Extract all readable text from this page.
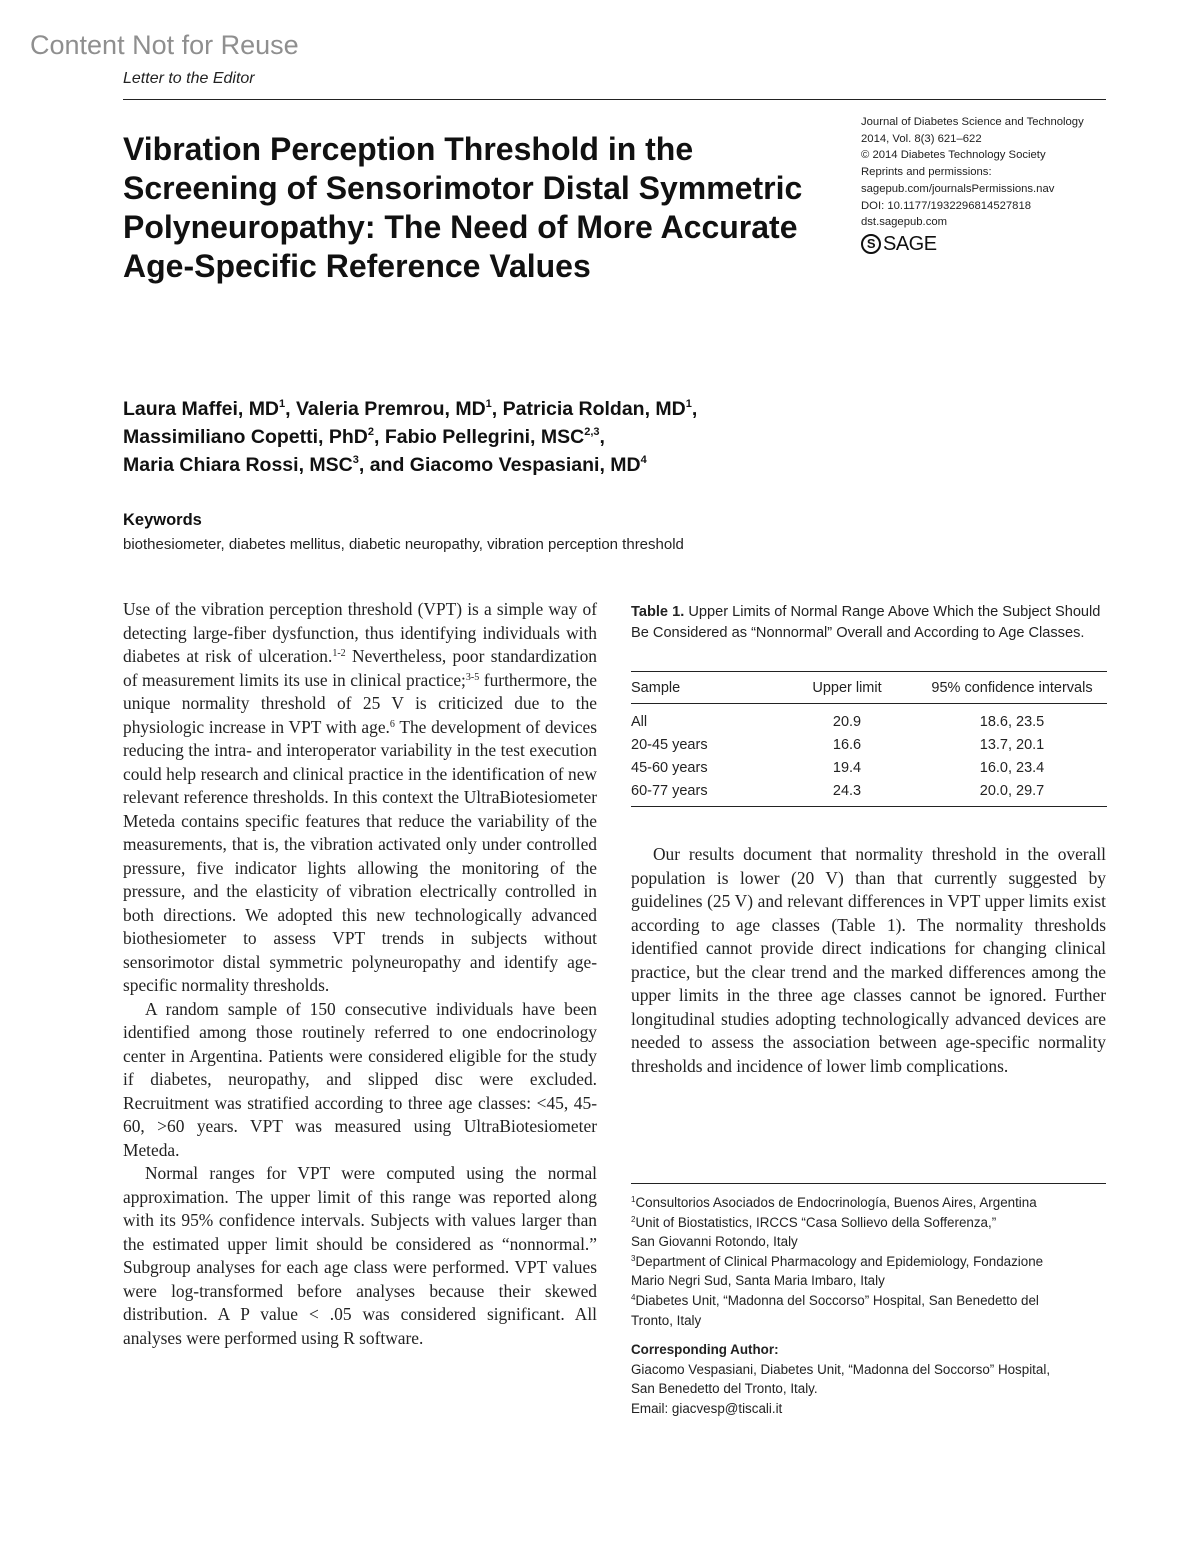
Content Not for Reuse
Letter to the Editor
Vibration Perception Threshold in the Screening of Sensorimotor Distal Symmetric Polyneuropathy: The Need of More Accurate Age-Specific Reference Values
Journal of Diabetes Science and Technology
2014, Vol. 8(3) 621–622
© 2014 Diabetes Technology Society
Reprints and permissions:
sagepub.com/journalsPermissions.nav
DOI: 10.1177/1932296814527818
dst.sagepub.com
S SAGE
Laura Maffei, $MD^1$, Valeria Premrou, $MD^1$, Patricia Roldan, $MD^1$,
Massimiliano Copetti, PhD$^2$, Fabio Pellegrini, MSC$^{2,3}$,
Maria Chiara Rossi, MSC$^3$, and Giacomo Vespasiani, $MD^4$
Keywords
biothesiometer, diabetes mellitus, diabetic neuropathy, vibration perception threshold

Use of the vibration perception threshold (VPT) is a simple way of detecting large-fiber dysfunction, thus identifying individuals with diabetes at risk of ulceration.$^{1-2}$ Nevertheless, poor standardization of measurement limits its use in clinical practice;$^{3-5}$ furthermore, the unique normality threshold of 25 V is criticized due to the physiologic increase in VPT with age.$^6$ The development of devices reducing the intra- and interoperator variability in the test execution could help research and clinical practice in the identification of new relevant reference thresholds. In this context the UltraBiotesiometer Meteda contains specific features that reduce the variability of the measurements, that is, the vibration activated only under controlled pressure, five indicator lights allowing the monitoring of the pressure, and the elasticity of vibration electrically controlled in both directions. We adopted this new technologically advanced biothesiometer to assess VPT trends in subjects without sensorimotor distal symmetric polyneuropathy and identify age-specific normality thresholds.

A random sample of 150 consecutive individuals have been identified among those routinely referred to one endocrinology center in Argentina. Patients were considered eligible for the study if diabetes, neuropathy, and slipped disc were excluded. Recruitment was stratified according to three age classes: <45, 45-60, >60 years. VPT was measured using UltraBiotesiometer Meteda.

Normal ranges for VPT were computed using the normal approximation. The upper limit of this range was reported along with its 95% confidence intervals. Subjects with values larger than the estimated upper limit should be considered as “nonnormal.” Subgroup analyses for each age class were performed. VPT values were log-transformed before analyses because their skewed distribution. A P value < .05 was considered significant. All analyses were performed using R software.

Table 1. Upper Limits of Normal Range Above Which the Subject Should Be Considered as “Nonnormal” Overall and According to Age Classes.
Sample	Upper limit	95% confidence intervals
All	20.9	18.6, 23.5
20-45 years	16.6	13.7, 20.1
45-60 years	19.4	16.0, 23.4
60-77 years	24.3	20.0, 29.7

Our results document that normality threshold in the overall population is lower (20 V) than that currently suggested by guidelines (25 V) and relevant differences in VPT upper limits exist according to age classes (Table 1). The normality thresholds identified cannot provide direct indications for changing clinical practice, but the clear trend and the marked differences among the upper limits in the three age classes cannot be ignored. Further longitudinal studies adopting technologically advanced devices are needed to assess the association between age-specific normality thresholds and incidence of lower limb complications.

$^1$Consultorios Asociados de Endocrinología, Buenos Aires, Argentina
$^2$Unit of Biostatistics, IRCCS “Casa Sollievo della Sofferenza,”
San Giovanni Rotondo, Italy
$^3$Department of Clinical Pharmacology and Epidemiology, Fondazione
Mario Negri Sud, Santa Maria Imbaro, Italy
$^4$Diabetes Unit, “Madonna del Soccorso” Hospital, San Benedetto del
Tronto, Italy
Corresponding Author:
Giacomo Vespasiani, Diabetes Unit, “Madonna del Soccorso” Hospital,
San Benedetto del Tronto, Italy.
Email: giacvesp@tiscali.it
